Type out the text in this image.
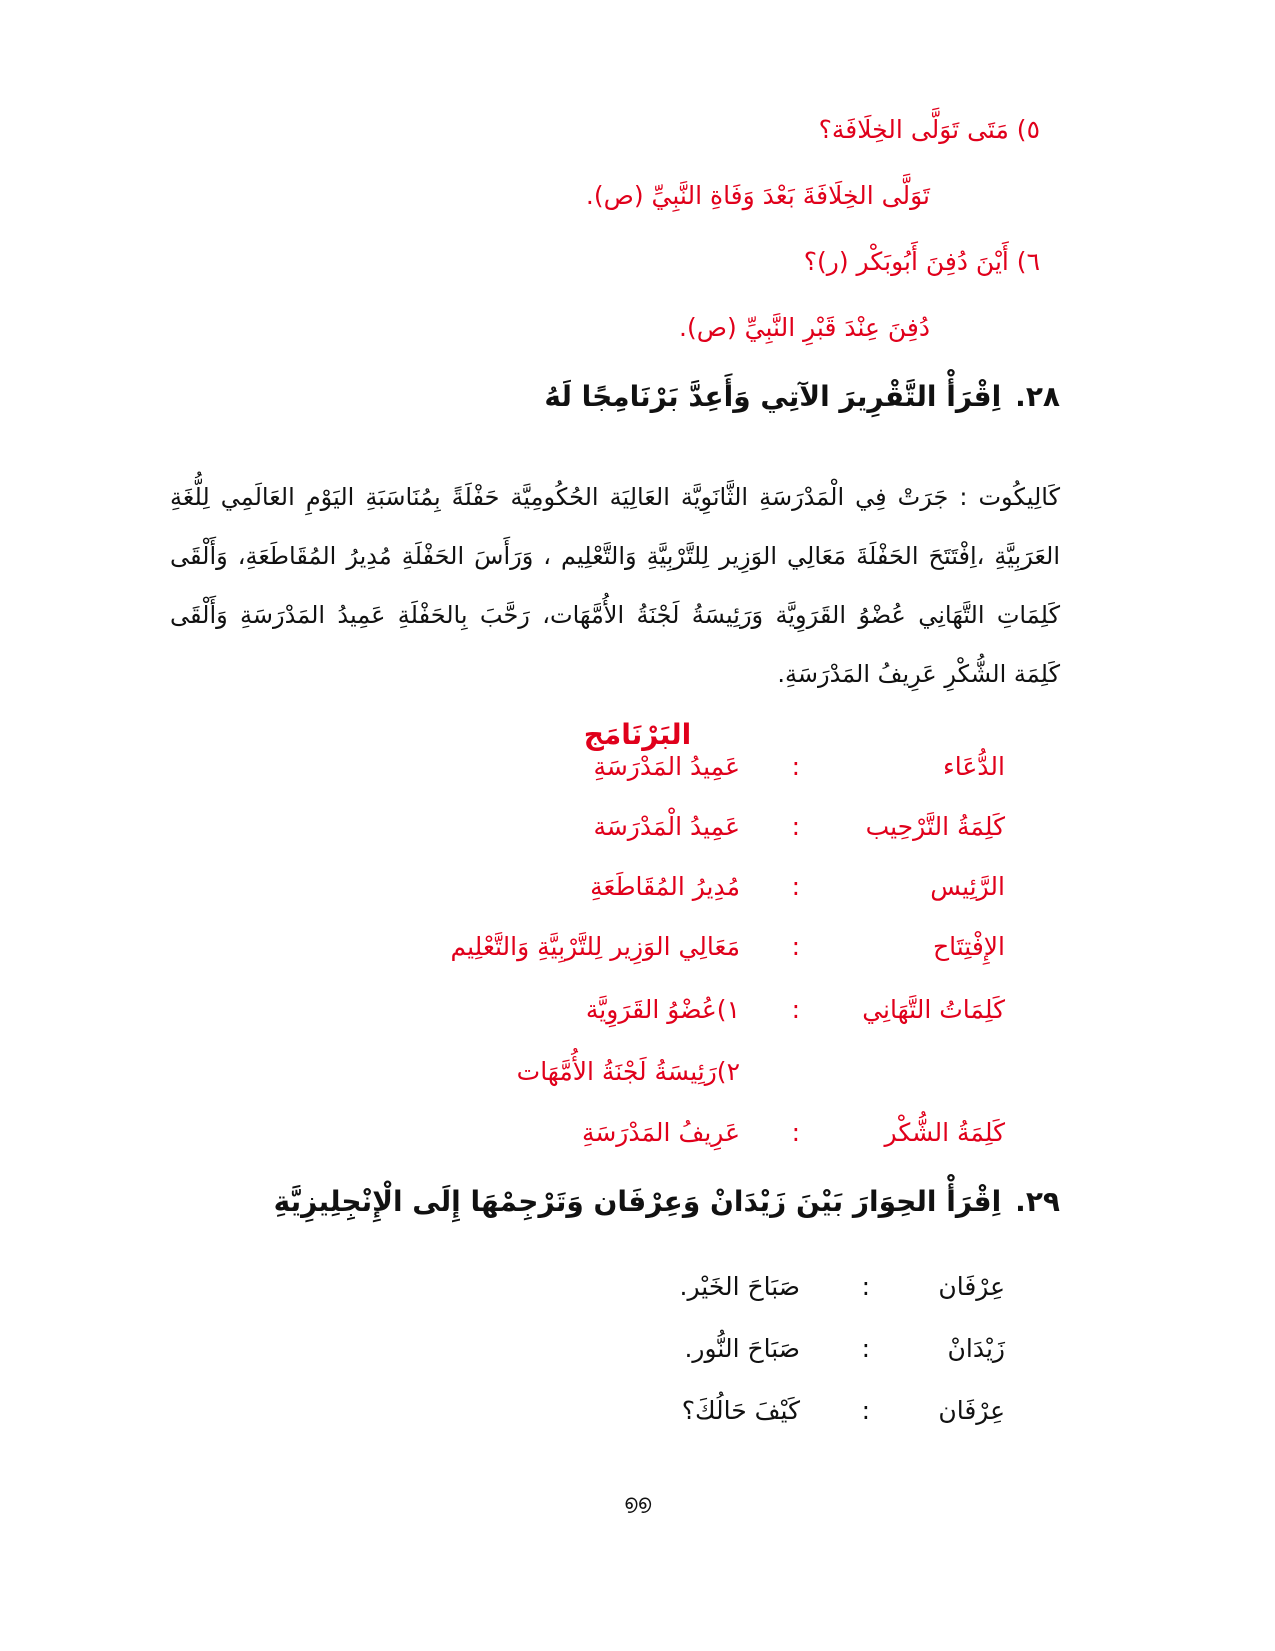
٥) مَتَى تَوَلَّى الخِلَافَة؟
تَوَلَّى الخِلَافَةَ بَعْدَ وَفَاةِ النَّبِيِّ (ص).
٦) أَيْنَ دُفِنَ أَبُوبَكْر (ر)؟
دُفِنَ عِنْدَ قَبْرِ النَّبِيِّ (ص).
٢٨.اِقْرَأْ التَّقْرِيرَ الآتِي وَأَعِدَّ بَرْنَامِجًا لَهُ
كَالِيكُوت : جَرَتْ فِي الْمَدْرَسَةِ الثَّانَوِيَّة العَالِيَة الحُكُومِيَّة حَفْلَةً بِمُنَاسَبَةِ اليَوْمِ العَالَمِي لِلُّغَةِ العَرَبِيَّةِ ،اِفْتَتَحَ الحَفْلَةَ مَعَالِي الوَزِير لِلتَّرْبِيَّةِ وَالتَّعْلِيم ، وَرَأَسَ الحَفْلَةِ مُدِيرُ المُقَاطَعَةِ، وَأَلْقَى كَلِمَاتِ التَّهَانِي عُضْوُ القَرَوِيَّة وَرَئِيسَةُ لَجْنَةُ الأُمَّهَات، رَحَّبَ بِالحَفْلَةِ عَمِيدُ المَدْرَسَةِ وَأَلْقَى كَلِمَة الشُّكْرِ عَرِيفُ المَدْرَسَةِ.
البَرْنَامَج
الدُّعَاء
:
عَمِيدُ المَدْرَسَةِ
كَلِمَةُ التَّرْحِيب
:
عَمِيدُ الْمَدْرَسَة
الرَّئِيس
:
مُدِيرُ المُقَاطَعَةِ
الإِفْتِتَاح
:
مَعَالِي الوَزِير لِلتَّرْبِيَّةِ وَالتَّعْلِيم
كَلِمَاتُ التَّهَانِي
:
١)عُضْوُ القَرَوِيَّة
٢)رَئِيسَةُ لَجْنَةُ الأُمَّهَات
كَلِمَةُ الشُّكْر
:
عَرِيفُ المَدْرَسَةِ
٢٩.اِقْرَأْ الحِوَارَ بَيْنَ زَيْدَانْ وَعِرْفَان وَتَرْجِمْهَا إِلَى الْإِنْجِلِيزِيَّةِ
عِرْفَان
:
صَبَاحَ الخَيْر.
زَيْدَانْ
:
صَبَاحَ النُّور.
عِرْفَان
:
كَيْفَ حَالُكَ؟
൭൭
